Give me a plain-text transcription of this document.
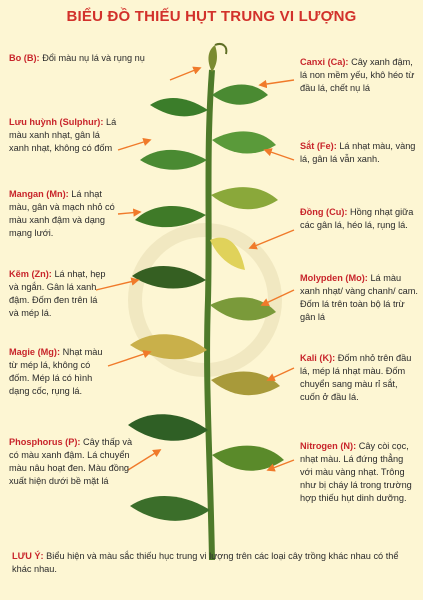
BIỂU ĐỒ THIẾU HỤT TRUNG VI LƯỢNG
Bo (B): Đổi màu nụ lá và rụng nụ
Lưu huỳnh (Sulphur): Lá màu xanh nhạt, gân lá xanh nhạt, không có đốm
Mangan (Mn): Lá nhạt màu, gân và mạch nhỏ có màu xanh đậm và dạng mạng lưới.
Kẽm (Zn): Lá nhạt, hẹp và ngắn. Gân lá xanh đậm. Đốm đen trên lá và mép lá.
Magie (Mg): Nhạt màu từ mép lá, không có đốm. Mép lá có hình dạng cốc, rụng lá.
Phosphorus (P): Cây thấp và có màu xanh đậm. Lá chuyển màu nâu hoạt đen. Màu đồng xuất hiện dưới bề mặt lá
Canxi (Ca): Cây xanh đậm, lá non mềm yếu, khô héo từ đầu lá, chết nụ lá
Sắt (Fe): Lá nhạt màu, vàng lá, gân lá vẫn xanh.
Đồng (Cu): Hồng nhạt giữa các gân lá, héo lá, rụng lá.
Molypden (Mo): Lá màu xanh nhạt/ vàng chanh/ cam. Đốm lá trên toàn bộ lá trừ gân lá
Kali (K): Đốm nhỏ trên đầu lá, mép lá nhạt màu. Đốm chuyển sang màu rỉ sắt, cuốn ở đầu lá.
Nitrogen (N): Cây còi cọc, nhạt màu. Lá đứng thẳng với màu vàng nhạt. Trông như bị cháy lá trong trường hợp thiếu hụt dinh dưỡng.
LƯU Ý: Biểu hiện và màu sắc thiếu hục trung vi lượng trên các loại cây trồng khác nhau có thể khác nhau.
